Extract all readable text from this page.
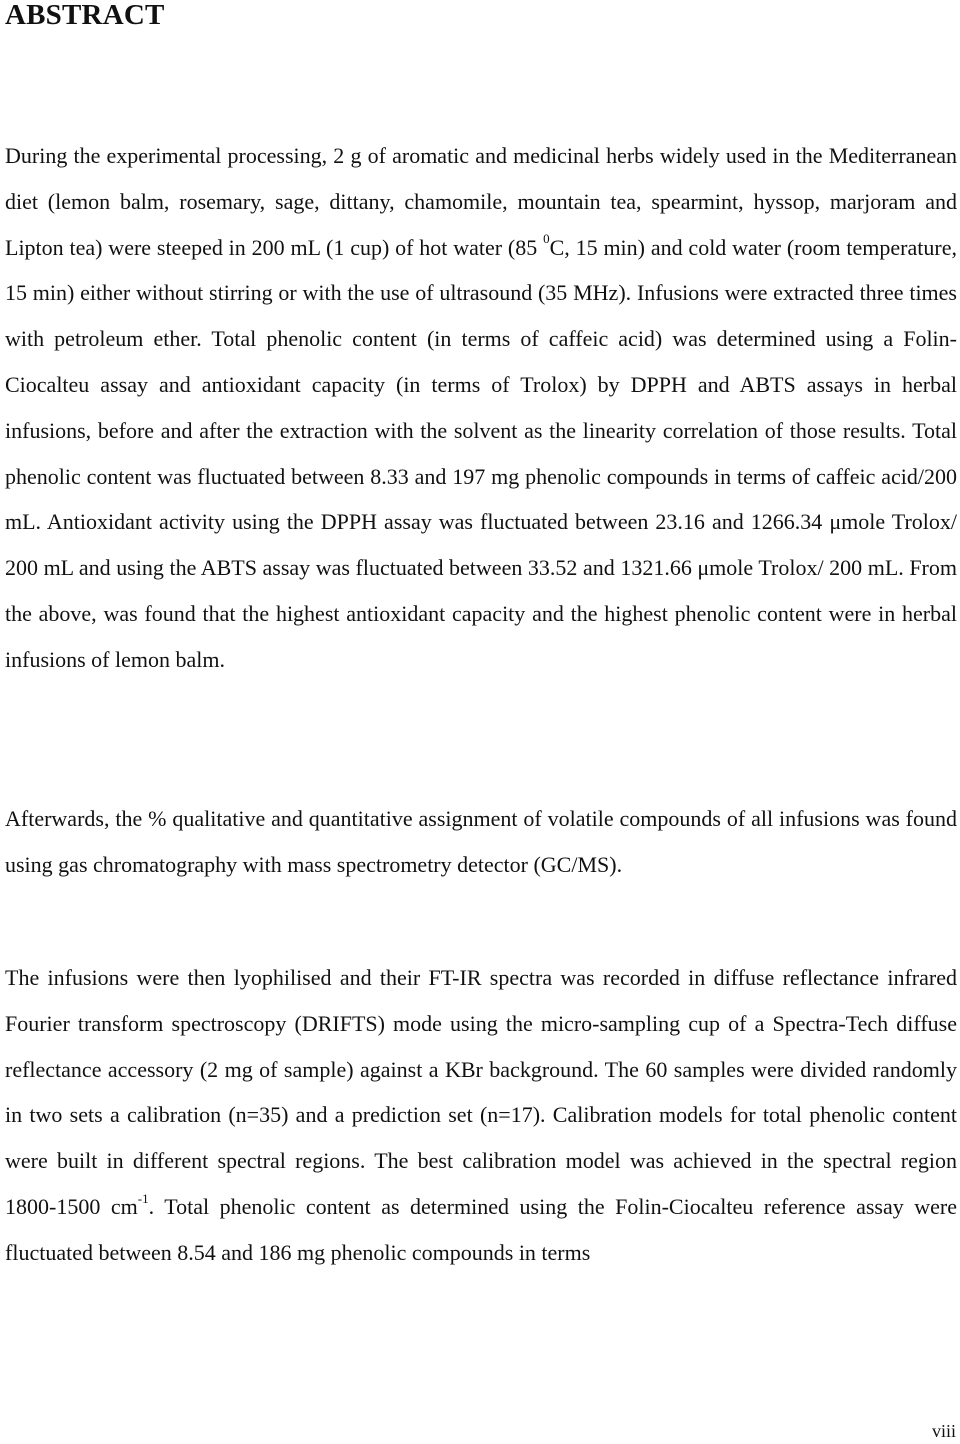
ABSTRACT

During the experimental processing, 2 g of aromatic and medicinal herbs widely used in the Mediterranean diet (lemon balm, rosemary, sage, dittany, chamomile, mountain tea, spearmint, hyssop, marjoram and Lipton tea) were steeped in 200 mL (1 cup) of hot water (85 $^0$C, 15 min) and cold water (room temperature, 15 min) either without stirring or with the use of ultrasound (35 MHz). Infusions were extracted three times with petroleum ether. Total phenolic content (in terms of caffeic acid) was determined using a Folin-Ciocalteu assay and antioxidant capacity (in terms of Trolox) by DPPH and ABTS assays in herbal infusions, before and after the extraction with the solvent as the linearity correlation of those results. Total phenolic content was fluctuated between 8.33 and 197 mg phenolic compounds in terms of caffeic acid/200 mL. Antioxidant activity using the DPPH assay was fluctuated between 23.16 and 1266.34 μmole Trolox/ 200 mL and using the ABTS assay was fluctuated between 33.52 and 1321.66 μmole Trolox/ 200 mL. From the above, was found that the highest antioxidant capacity and the highest phenolic content were in herbal infusions of lemon balm.

Afterwards, the % qualitative and quantitative assignment of volatile compounds of all infusions was found using gas chromatography with mass spectrometry detector (GC/MS).

The infusions were then lyophilised and their FT-IR spectra was recorded in diffuse reflectance infrared Fourier transform spectroscopy (DRIFTS) mode using the micro-sampling cup of a Spectra-Tech diffuse reflectance accessory (2 mg of sample) against a KBr background. The 60 samples were divided randomly in two sets a calibration (n=35) and a prediction set (n=17). Calibration models for total phenolic content were built in different spectral regions. The best calibration model was achieved in the spectral region 1800-1500 $cm^{-1}$. Total phenolic content as determined using the Folin-Ciocalteu reference assay were fluctuated between 8.54 and 186 mg phenolic compounds in terms

viii
